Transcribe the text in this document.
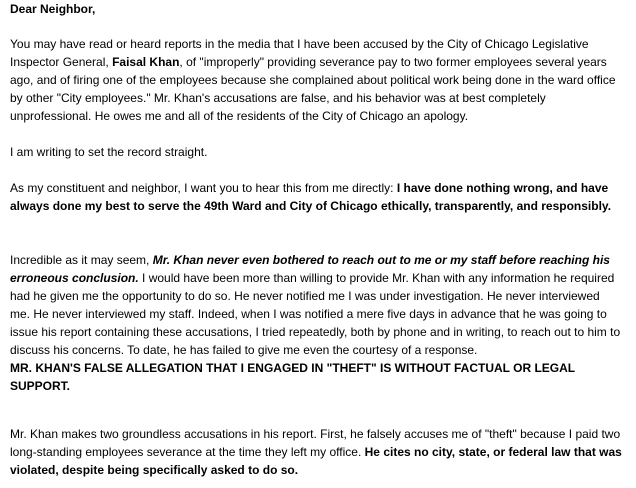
Dear Neighbor,

You may have read or heard reports in the media that I have been accused by the City of Chicago Legislative Inspector General, Faisal Khan, of "improperly" providing severance pay to two former employees several years ago, and of firing one of the employees because she complained about political work being done in the ward office by other "City employees." Mr. Khan's accusations are false, and his behavior was at best completely unprofessional. He owes me and all of the residents of the City of Chicago an apology.

I am writing to set the record straight.

As my constituent and neighbor, I want you to hear this from me directly: I have done nothing wrong, and have always done my best to serve the 49th Ward and City of Chicago ethically, transparently, and responsibly.

Incredible as it may seem, Mr. Khan never even bothered to reach out to me or my staff before reaching his erroneous conclusion. I would have been more than willing to provide Mr. Khan with any information he required had he given me the opportunity to do so. He never notified me I was under investigation. He never interviewed me. He never interviewed my staff. Indeed, when I was notified a mere five days in advance that he was going to issue his report containing these accusations, I tried repeatedly, both by phone and in writing, to reach out to him to discuss his concerns. To date, he has failed to give me even the courtesy of a response.

MR. KHAN'S FALSE ALLEGATION THAT I ENGAGED IN "THEFT" IS WITHOUT FACTUAL OR LEGAL SUPPORT.

Mr. Khan makes two groundless accusations in his report. First, he falsely accuses me of "theft" because I paid two long-standing employees severance at the time they left my office. He cites no city, state, or federal law that was violated, despite being specifically asked to do so.
